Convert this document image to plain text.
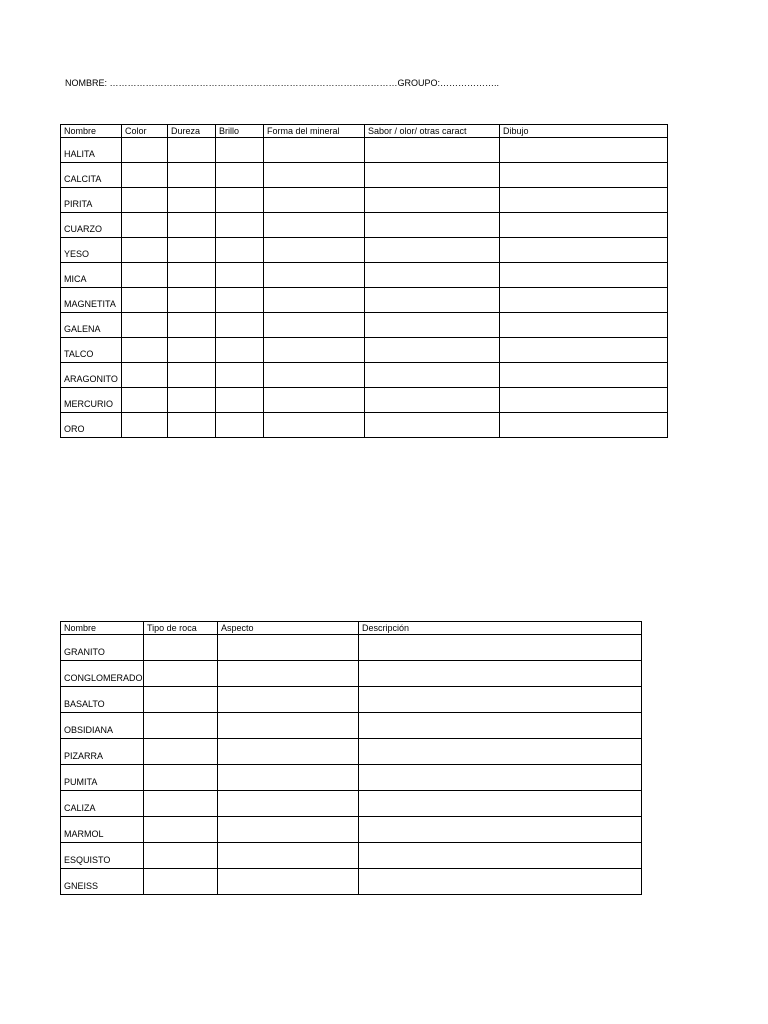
NOMBRE: ……………………………………………………………………………………GROUPO:………………..
Nombre	Color	Dureza	Brillo	Forma del mineral	Sabor / olor/ otras caract	Dibujo
HALITA						
CALCITA						
PIRITA						
CUARZO						
YESO						
MICA						
MAGNETITA						
GALENA						
TALCO						
ARAGONITO						
MERCURIO						
ORO						
Nombre	Tipo de roca	Aspecto	Descripción
GRANITO			
CONGLOMERADO			
BASALTO			
OBSIDIANA			
PIZARRA			
PUMITA			
CALIZA			
MARMOL			
ESQUISTO			
GNEISS			
